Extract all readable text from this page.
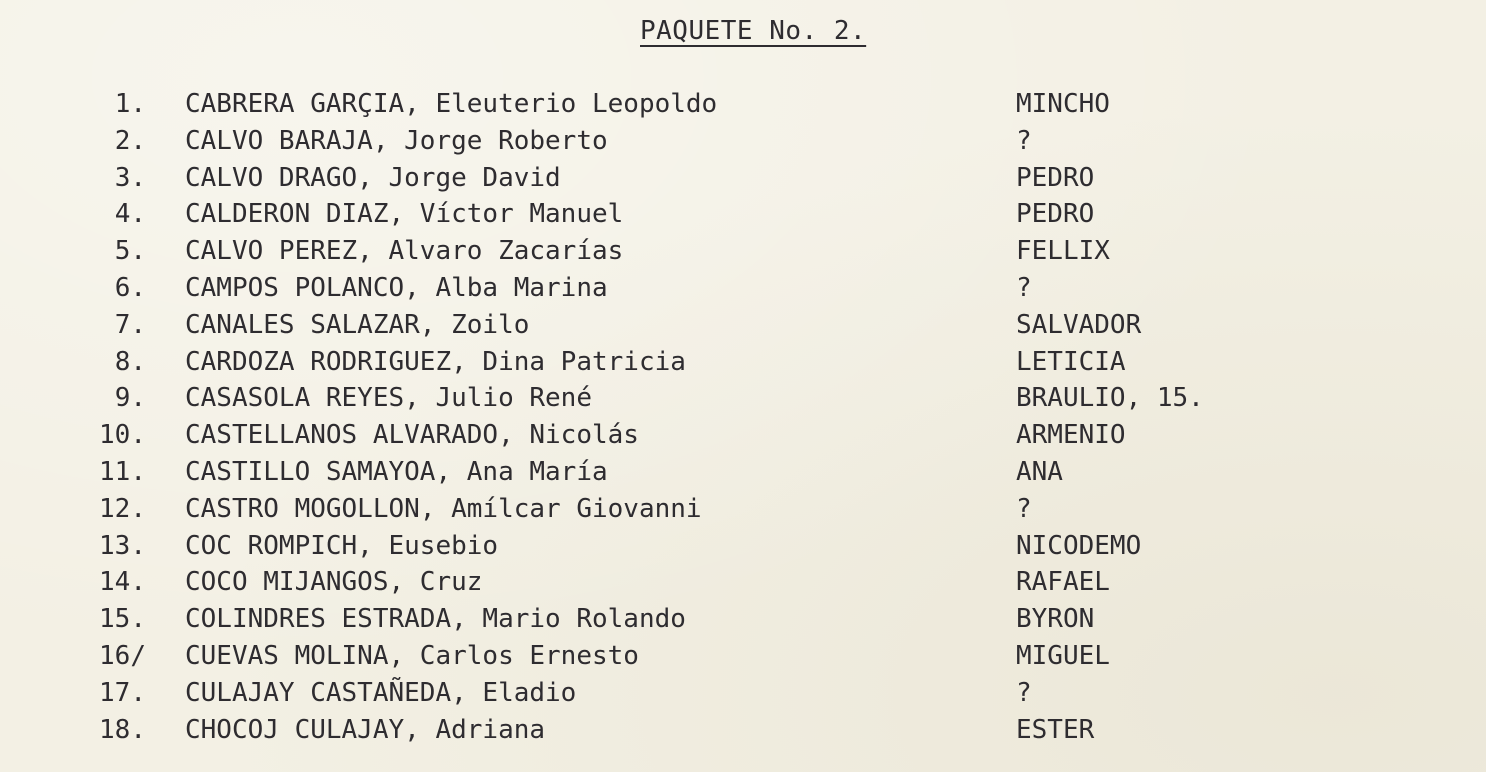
PAQUETE No. 2.
1. CABRERA GARÇIA, Eleuterio Leopoldo	MINCHO
2. CALVO BARAJA, Jorge Roberto	?
3. CALVO DRAGO, Jorge David	PEDRO
4. CALDERON DIAZ, Víctor Manuel	PEDRO
5. CALVO PEREZ, Alvaro Zacarías	FELLIX
6. CAMPOS POLANCO, Alba Marina	?
7. CANALES SALAZAR, Zoilo	SALVADOR
8. CARDOZA RODRIGUEZ, Dina Patricia	LETICIA
9. CASASOLA REYES, Julio René	BRAULIO, 15.
10. CASTELLANOS ALVARADO, Nicolás	ARMENIO
11. CASTILLO SAMAYOA, Ana María	ANA
12. CASTRO MOGOLLON, Amílcar Giovanni	?
13. COC ROMPICH, Eusebio	NICODEMO
14. COCO MIJANGOS, Cruz	RAFAEL
15. COLINDRES ESTRADA, Mario Rolando	BYRON
16/ CUEVAS MOLINA, Carlos Ernesto	MIGUEL
17. CULAJAY CASTAÑEDA, Eladio	?
18. CHOCOJ CULAJAY, Adriana	ESTER
